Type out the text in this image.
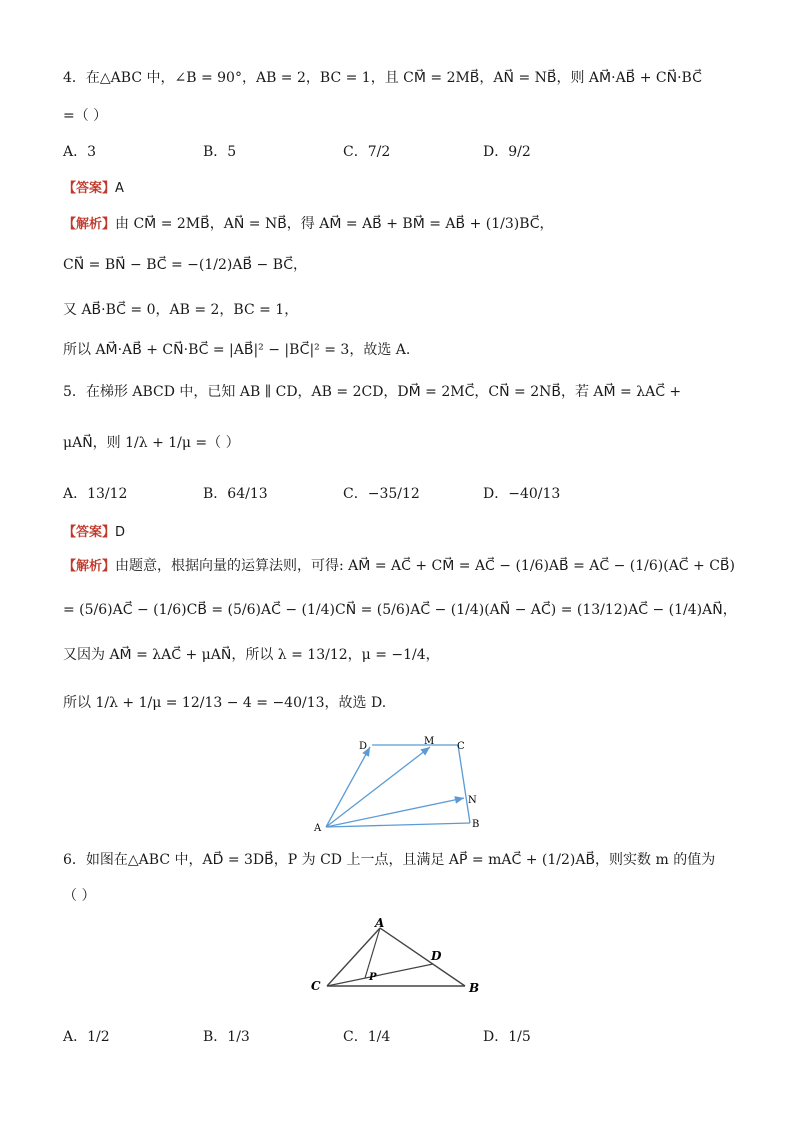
4．在△ABC 中，∠B = 90°，AB = 2，BC = 1，且 CM⃗ = 2MB⃗，AN⃗ = NB⃗，则 AM⃗·AB⃗ + CN⃗·BC⃗
=（ ）
A．3	B．5	C．7/2	D．9/2
【答案】A
【解析】由 CM⃗ = 2MB⃗，AN⃗ = NB⃗，得 AM⃗ = AB⃗ + BM⃗ = AB⃗ + (1/3)BC⃗，
CN⃗ = BN⃗ − BC⃗ = −(1/2)AB⃗ − BC⃗，
又 AB⃗·BC⃗ = 0，AB = 2，BC = 1，
所以 AM⃗·AB⃗ + CN⃗·BC⃗ = |AB⃗|² − |BC⃗|² = 3，故选 A.
5．在梯形 ABCD 中，已知 AB ∥ CD，AB = 2CD，DM⃗ = 2MC⃗，CN⃗ = 2NB⃗，若 AM⃗ = λAC⃗ +
μAN⃗，则 1/λ + 1/μ =（ ）
A．13/12	B．64/13	C．−35/12	D．−40/13
【答案】D
【解析】由题意，根据向量的运算法则，可得: AM⃗ = AC⃗ + CM⃗ = AC⃗ − (1/6)AB⃗ = AC⃗ − (1/6)(AC⃗ + CB⃗)
= (5/6)AC⃗ − (1/6)CB⃗ = (5/6)AC⃗ − (1/4)CN⃗ = (5/6)AC⃗ − (1/4)(AN⃗ − AC⃗) = (13/12)AC⃗ − (1/4)AN⃗，
又因为 AM⃗ = λAC⃗ + μAN⃗，所以 λ = 13/12，μ = −1/4，
所以 1/λ + 1/μ = 12/13 − 4 = −40/13，故选 D.
D	M C
N
A	B
6．如图在△ABC 中，AD⃗ = 3DB⃗，P 为 CD 上一点，且满足 AP⃗ = mAC⃗ + (1/2)AB⃗，则实数 m 的值为
（ ）
A
D
P
C	B
A．1/2	B．1/3	C．1/4	D．1/5
